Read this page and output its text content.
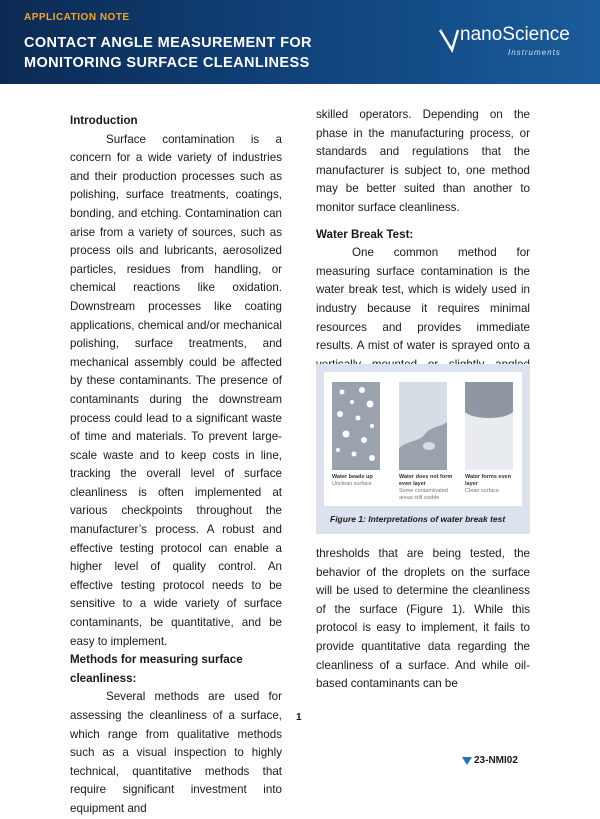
APPLICATION NOTE
CONTACT ANGLE MEASUREMENT FOR MONITORING SURFACE CLEANLINESS
nanoScience
Instruments
Introduction

Surface contamination is a concern for a wide variety of industries and their production processes such as polishing, surface treatments, coatings, bonding, and etching. Contamination can arise from a variety of sources, such as process oils and lubricants, aerosolized particles, residues from handling, or chemical reactions like oxidation. Downstream processes like coating applications, chemical and/or mechanical polishing, surface treatments, and mechanical assembly could be affected by these contaminants. The presence of contaminants during the downstream process could lead to a significant waste of time and materials. To prevent large-scale waste and to keep costs in line, tracking the overall level of surface cleanliness is often implemented at various checkpoints throughout the manufacturer’s process. A robust and effective testing protocol can enable a higher level of quality control. An effective testing protocol needs to be sensitive to a wide variety of surface contaminants, be quantitative, and be easy to implement.

Methods for measuring surface cleanliness:

Several methods are used for assessing the cleanliness of a surface, which range from qualitative methods such as a visual inspection to highly technical, quantitative methods that require significant investment into equipment and

skilled operators. Depending on the phase in the manufacturing process, or standards and regulations that the manufacturer is subject to, one method may be better suited than another to monitor surface cleanliness.

Water Break Test:

One common method for measuring surface contamination is the water break test, which is widely used in industry because it requires minimal resources and provides immediate results. A mist of water is sprayed onto a

Water beads up
Unclean surface
Water does not form even layer
Some contaminated areas still visible
Water forms even layer
Clean surface
Figure 1: Interpretations of water break test

thresholds that are being tested, the behavior of the droplets on the surface will be used to determine the cleanliness of the surface (Figure 1). While this protocol is easy to implement, it fails to provide quantitative data regarding the cleanliness of a surface. And while oil-based contaminants can be

1
23-NMI02
